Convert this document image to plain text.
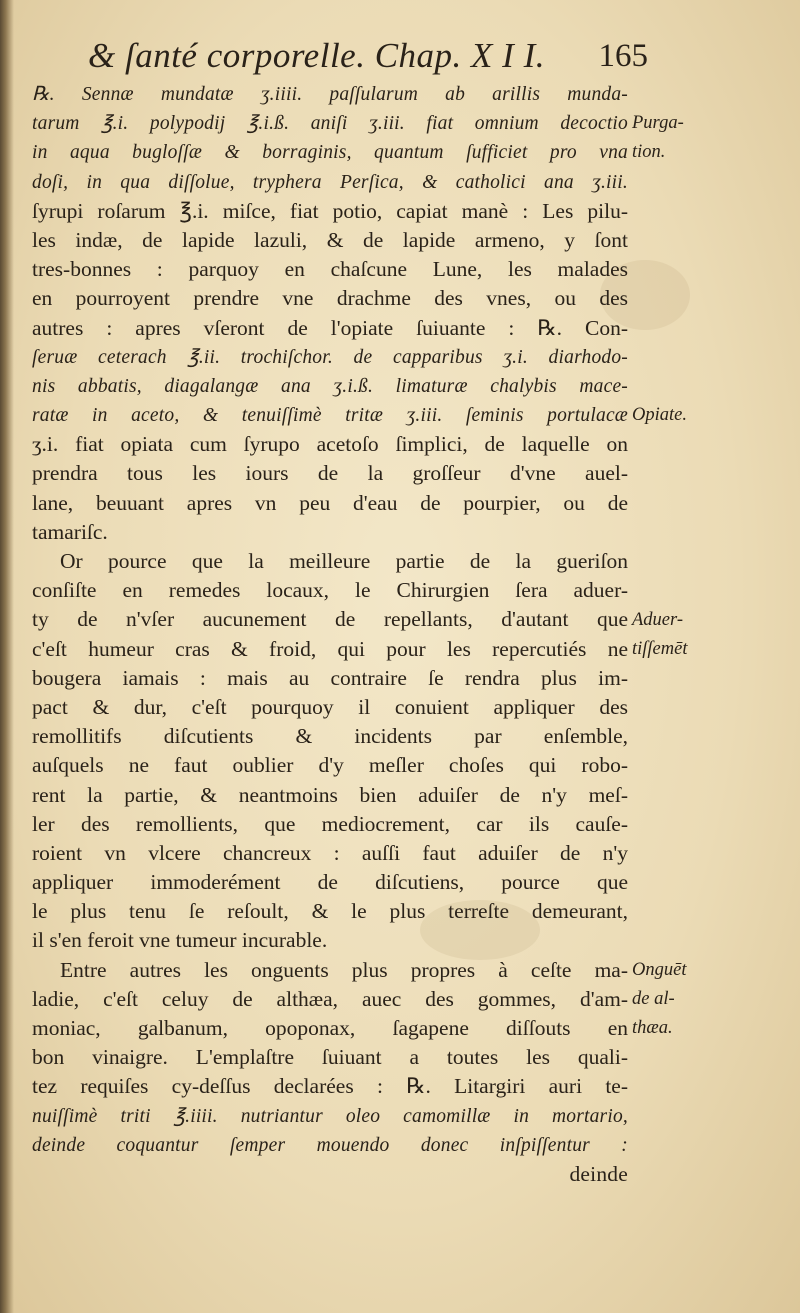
& ſanté corporelle. Chap. X I I. 165
℞. Sennæ mundatæ ʒ.iiii. paſſularum ab arillis munda-
tarum ℥.i. polypodij ℥.i.ß. aniſi ʒ.iii. fiat omnium decoctio
in aqua bugloſſæ & borraginis, quantum ſufficiet pro vna
doſi, in qua diſſolue, tryphera Perſica, & catholici ana ʒ.iii.
ſyrupi roſarum ℥.i. miſce, fiat potio, capiat manè : Les pilu-
les indæ, de lapide lazuli, & de lapide armeno, y ſont
tres-bonnes : parquoy en chaſcune Lune, les malades
en pourroyent prendre vne drachme des vnes, ou des
autres : apres vſeront de l'opiate ſuiuante : ℞. Con-
ſeruæ ceterach ℥.ii. trochiſchor. de capparibus ʒ.i. diarhodo-
nis abbatis, diagalangæ ana ʒ.i.ß. limaturæ chalybis mace-
ratæ in aceto, & tenuiſſimè tritæ ʒ.iii. ſeminis portulacæ
ʒ.i. fiat opiata cum ſyrupo acetoſo ſimplici, de laquelle on
prendra tous les iours de la groſſeur d'vne auel-
lane, beuuant apres vn peu d'eau de pourpier, ou de
tamariſc.
Or pource que la meilleure partie de la gueriſon
conſiſte en remedes locaux, le Chirurgien ſera aduer-
ty de n'vſer aucunement de repellants, d'autant que
c'eſt humeur cras & froid, qui pour les repercutiés ne
bougera iamais : mais au contraire ſe rendra plus im-
pact & dur, c'eſt pourquoy il conuient appliquer des
remollitifs diſcutients & incidents par enſemble,
auſquels ne faut oublier d'y meſler choſes qui robo-
rent la partie, & neantmoins bien aduiſer de n'y meſ-
ler des remollients, que mediocrement, car ils cauſe-
roient vn vlcere chancreux : auſſi faut aduiſer de n'y
appliquer immoderément de diſcutiens, pource que
le plus tenu ſe reſoult, & le plus terreſte demeurant,
il s'en feroit vne tumeur incurable.
Entre autres les onguents plus propres à ceſte ma-
ladie, c'eſt celuy de althæa, auec des gommes, d'am-
moniac, galbanum, opoponax, ſagapene diſſouts en
bon vinaigre. L'emplaſtre ſuiuant a toutes les quali-
tez requiſes cy-deſſus declarées : ℞. Litargiri auri te-
nuiſſimè triti ℥.iiii. nutriantur oleo camomillæ in mortario,
deinde coquantur ſemper mouendo donec inſpiſſentur :
deinde
Purga-
tion.
Opiate.
Aduer-
tiſſemēt
Onguēt
de al-
thæa.
